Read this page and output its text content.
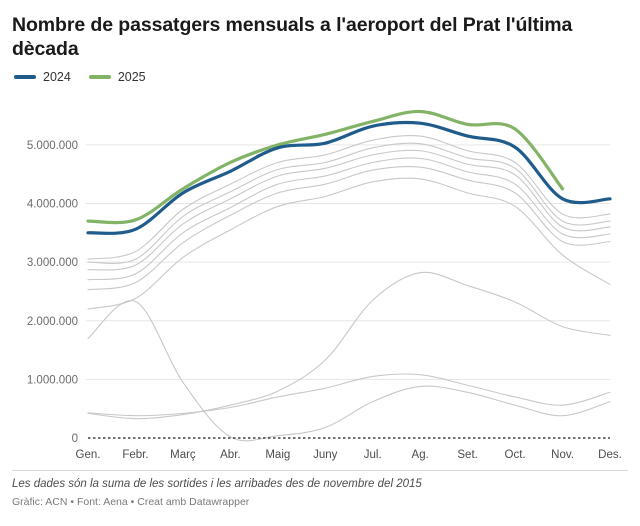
Nombre de passatgers mensuals a l'aeroport del Prat l'última dècada
2024	2025
0
1.000.000
2.000.000
3.000.000
4.000.000
5.000.000
Gen. Febr. Març Abr. Maig Juny Jul.	Ag. Set. Oct. Nov. Des.
Les dades són la suma de les sortides i les arribades des de novembre del 2015
Gràfic: ACN • Font: Aena • Creat amb Datawrapper
